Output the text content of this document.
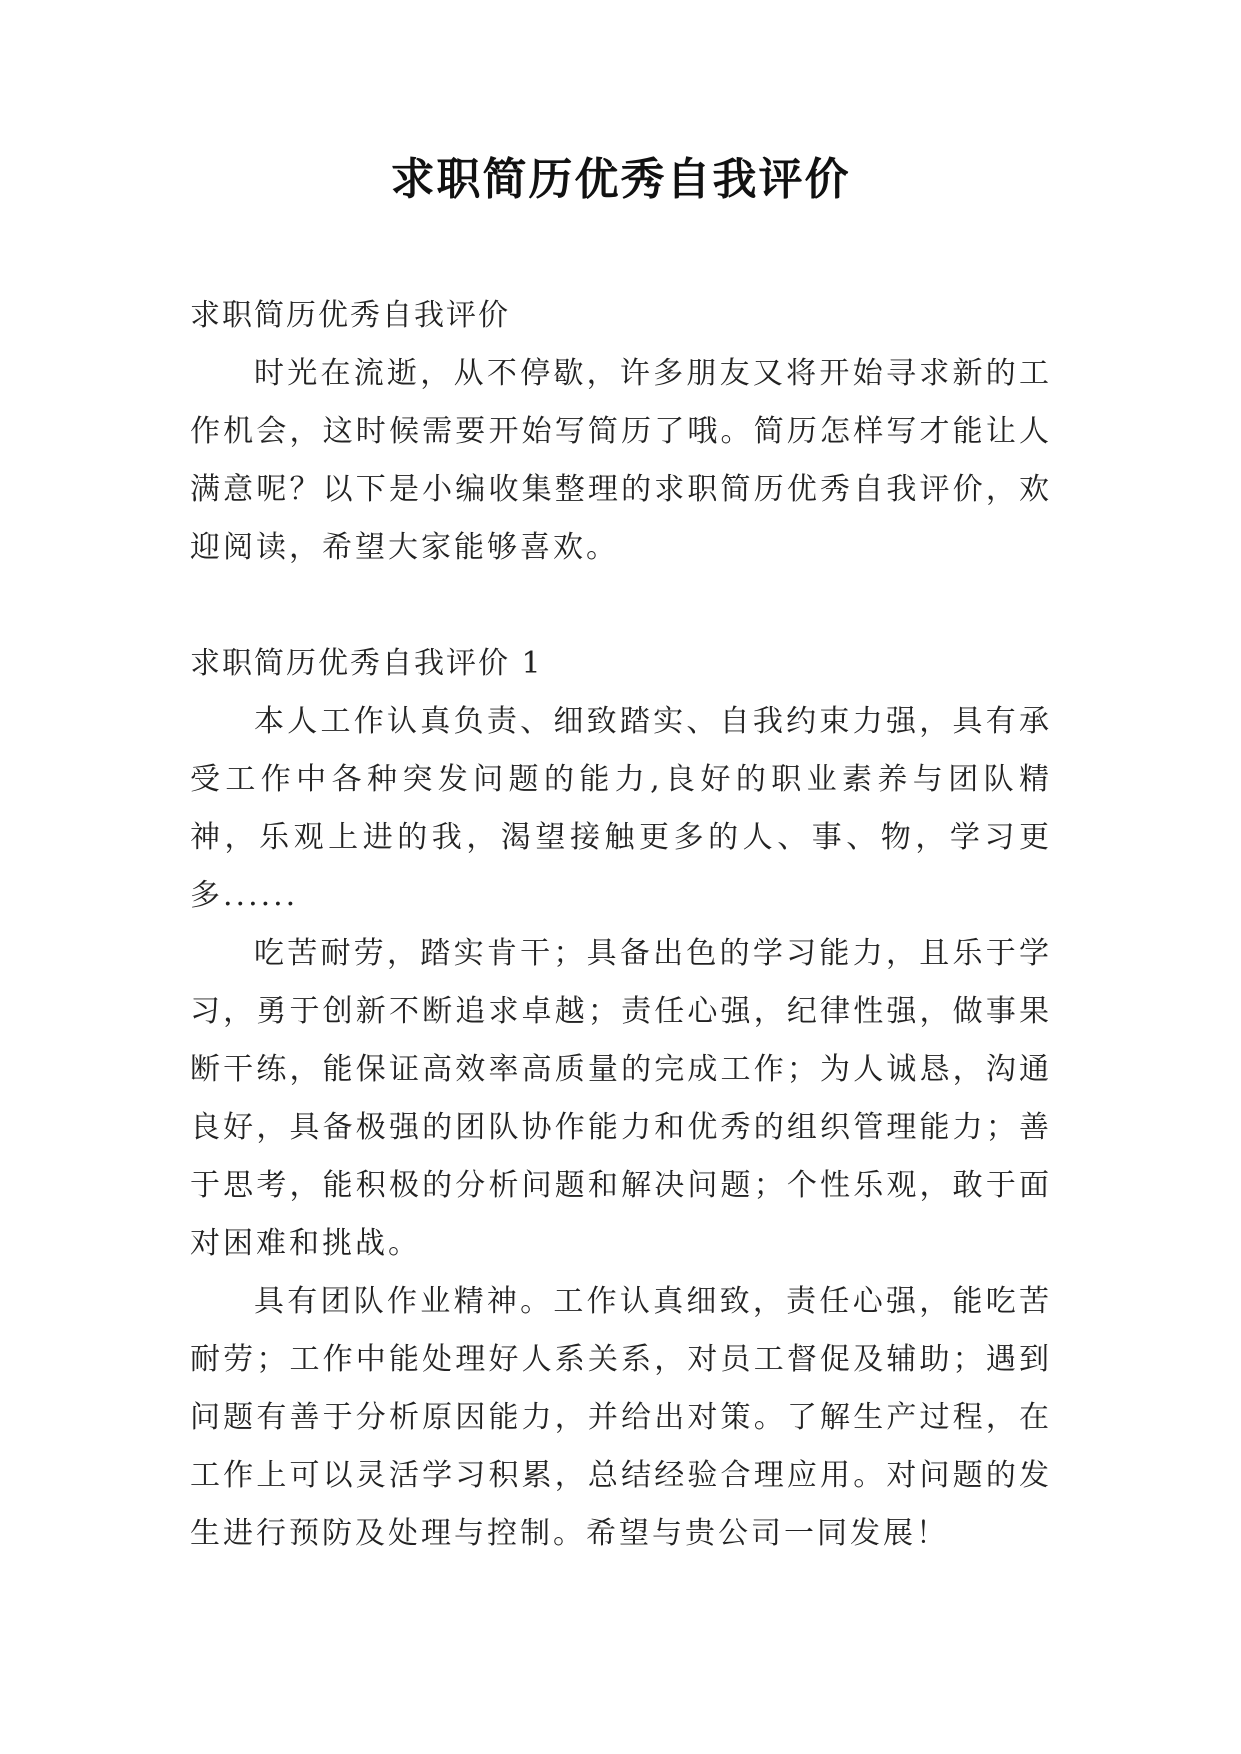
求职简历优秀自我评价

求职简历优秀自我评价

时光在流逝，从不停歇，许多朋友又将开始寻求新的工作机会，这时候需要开始写简历了哦。简历怎样写才能让人满意呢？以下是小编收集整理的求职简历优秀自我评价，欢迎阅读，希望大家能够喜欢。

求职简历优秀自我评价 1

本人工作认真负责、细致踏实、自我约束力强，具有承受工作中各种突发问题的能力,良好的职业素养与团队精神，乐观上进的我，渴望接触更多的人、事、物，学习更多......

吃苦耐劳，踏实肯干；具备出色的学习能力，且乐于学习，勇于创新不断追求卓越；责任心强，纪律性强，做事果断干练，能保证高效率高质量的完成工作；为人诚恳，沟通良好，具备极强的团队协作能力和优秀的组织管理能力；善于思考，能积极的分析问题和解决问题；个性乐观，敢于面对困难和挑战。

具有团队作业精神。工作认真细致，责任心强，能吃苦耐劳；工作中能处理好人系关系，对员工督促及辅助；遇到问题有善于分析原因能力，并给出对策。了解生产过程，在工作上可以灵活学习积累，总结经验合理应用。对问题的发生进行预防及处理与控制。希望与贵公司一同发展！
